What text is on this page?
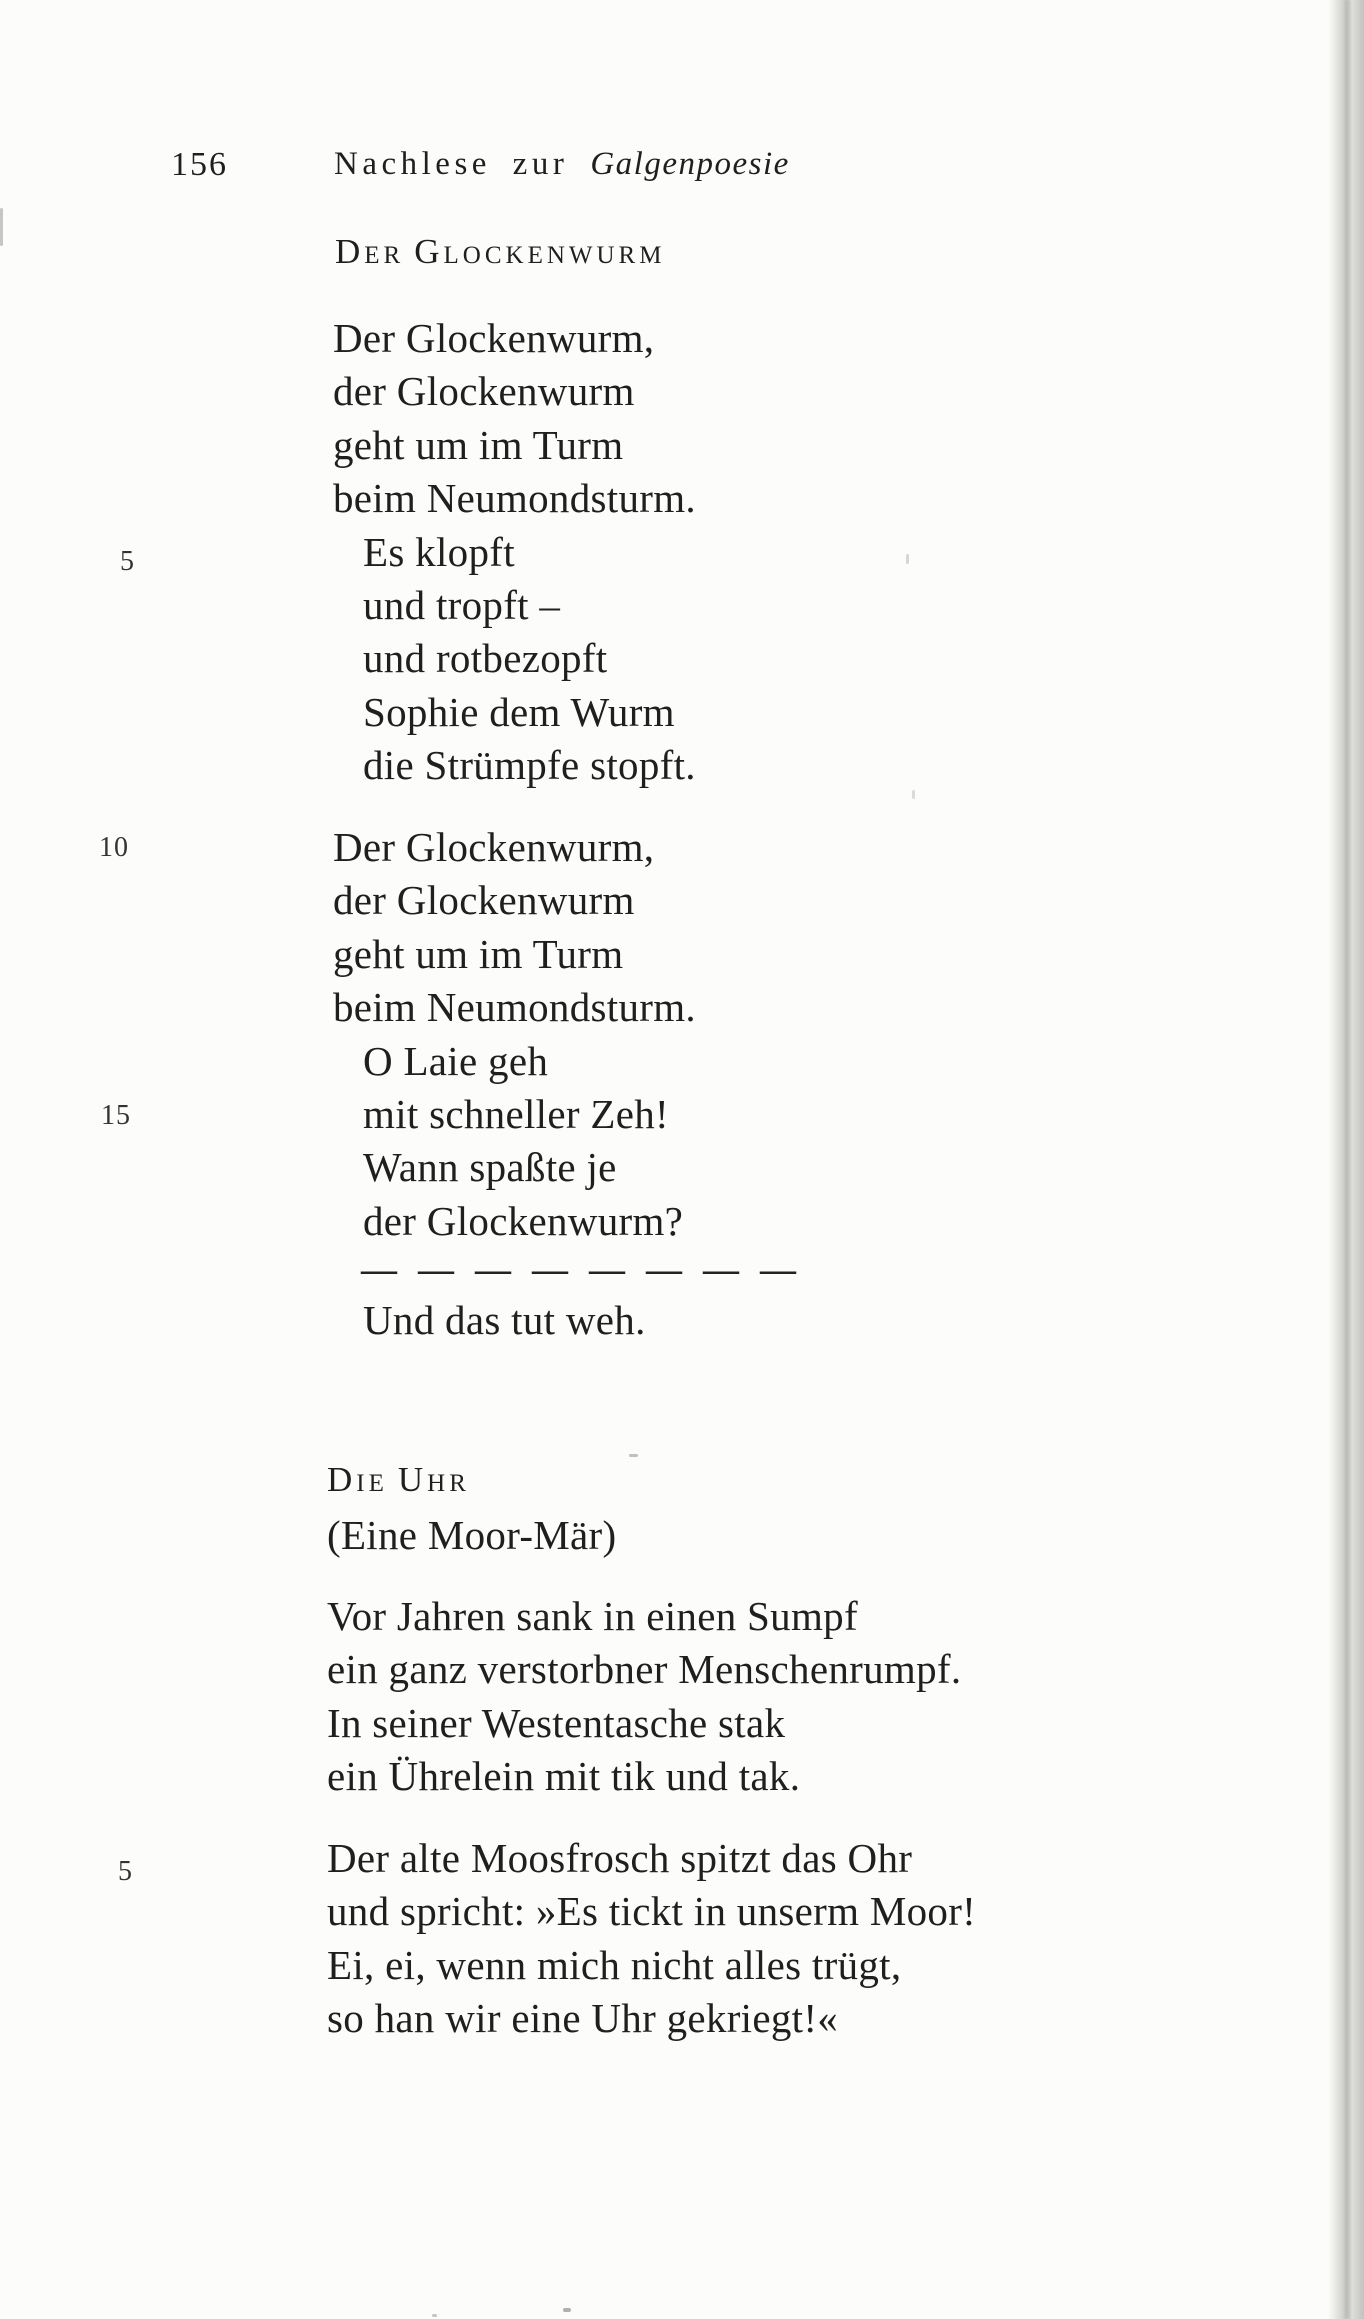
156	Nachlese zur Galgenpoesie
DER GLOCKENWURM
Der Glockenwurm,
der Glockenwurm
geht um im Turm
beim Neumondsturm.
Es klopft
und tropft –
und rotbezopft
Sophie dem Wurm
die Strümpfe stopft.
Der Glockenwurm,
der Glockenwurm
geht um im Turm
beim Neumondsturm.
O Laie geh
mit schneller Zeh!
Wann spaßte je
der Glockenwurm?
— — — — — — — —
Und das tut weh.
5
10
15
DIE UHR
(Eine Moor-Mär)
Vor Jahren sank in einen Sumpf
ein ganz verstorbner Menschenrumpf.
In seiner Westentasche stak
ein Ührelein mit tik und tak.
Der alte Moosfrosch spitzt das Ohr
und spricht: »Es tickt in unserm Moor!
Ei, ei, wenn mich nicht alles trügt,
so han wir eine Uhr gekriegt!«
5
